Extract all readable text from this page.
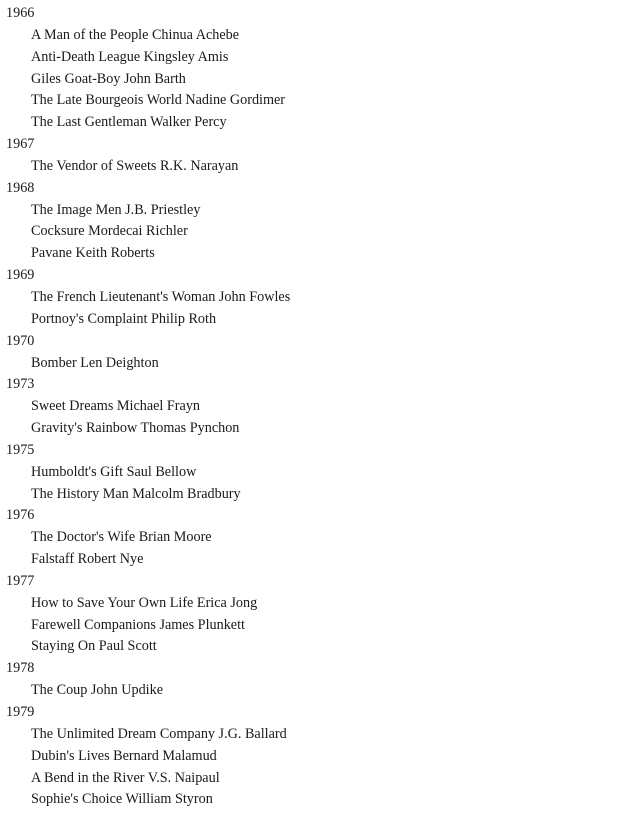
1966
A Man of the People Chinua Achebe
Anti-Death League Kingsley Amis
Giles Goat-Boy John Barth
The Late Bourgeois World Nadine Gordimer
The Last Gentleman Walker Percy
1967
The Vendor of Sweets R.K. Narayan
1968
The Image Men J.B. Priestley
Cocksure Mordecai Richler
Pavane Keith Roberts
1969
The French Lieutenant's Woman John Fowles
Portnoy's Complaint Philip Roth
1970
Bomber Len Deighton
1973
Sweet Dreams Michael Frayn
Gravity's Rainbow Thomas Pynchon
1975
Humboldt's Gift Saul Bellow
The History Man Malcolm Bradbury
1976
The Doctor's Wife Brian Moore
Falstaff Robert Nye
1977
How to Save Your Own Life Erica Jong
Farewell Companions James Plunkett
Staying On Paul Scott
1978
The Coup John Updike
1979
The Unlimited Dream Company J.G. Ballard
Dubin's Lives Bernard Malamud
A Bend in the River V.S. Naipaul
Sophie's Choice William Styron
